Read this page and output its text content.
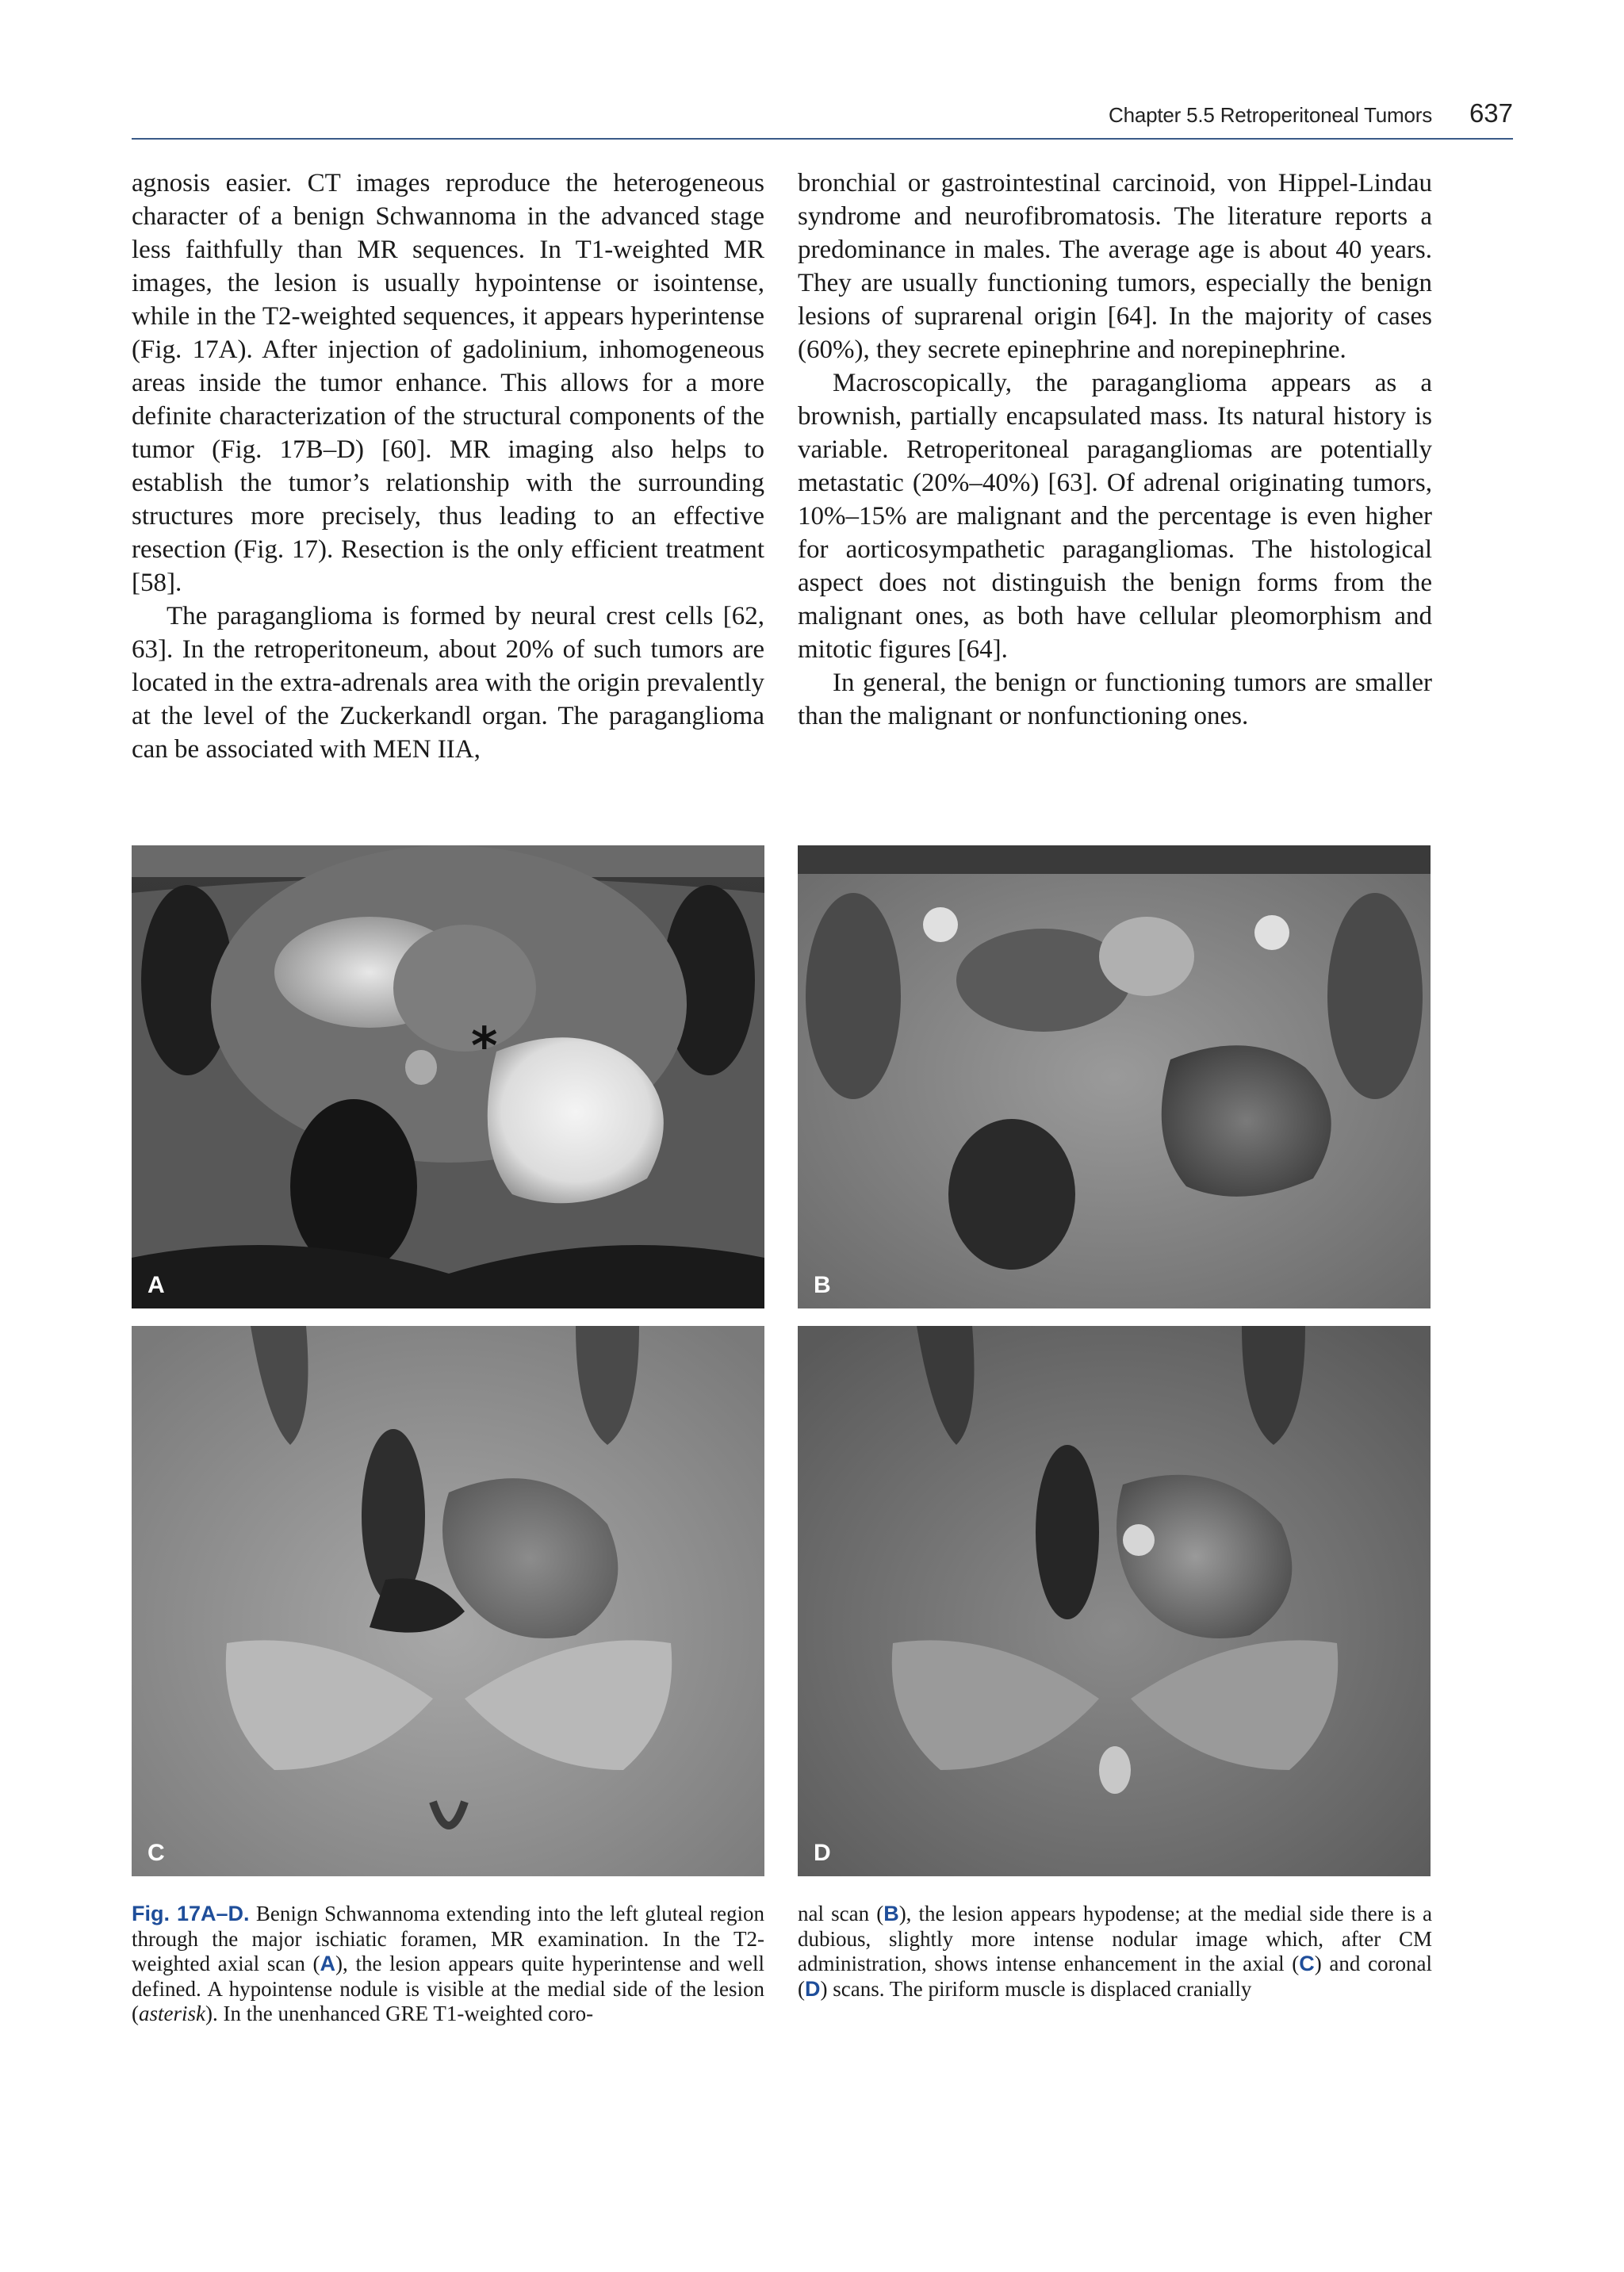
Chapter 5.5 Retroperitoneal Tumors 637

agnosis easier. CT images reproduce the heterogeneous character of a benign Schwannoma in the advanced stage less faithfully than MR sequences. In T1-weighted MR images, the lesion is usually hypointense or isointense, while in the T2-weighted sequences, it appears hyperintense (Fig. 17A). After injection of gadolinium, inhomogeneous areas inside the tumor enhance. This allows for a more definite characterization of the structural components of the tumor (Fig. 17B–D) [60]. MR imaging also helps to establish the tumor’s relationship with the surrounding structures more precisely, thus leading to an effective resection (Fig. 17). Resection is the only efficient treatment [58].

The paraganglioma is formed by neural crest cells [62, 63]. In the retroperitoneum, about 20% of such tumors are located in the extra-adrenals area with the origin prevalently at the level of the Zuckerkandl organ. The paraganglioma can be associated with MEN IIA,

bronchial or gastrointestinal carcinoid, von Hippel-Lindau syndrome and neurofibromatosis. The literature reports a predominance in males. The average age is about 40 years. They are usually functioning tumors, especially the benign lesions of suprarenal origin [64]. In the majority of cases (60%), they secrete epinephrine and norepinephrine.

Macroscopically, the paraganglioma appears as a brownish, partially encapsulated mass. Its natural history is variable. Retroperitoneal paragangliomas are potentially metastatic (20%–40%) [63]. Of adrenal originating tumors, 10%–15% are malignant and the percentage is even higher for aorticosympathetic paragangliomas. The histological aspect does not distinguish the benign forms from the malignant ones, as both have cellular pleomorphism and mitotic figures [64].

In general, the benign or functioning tumors are smaller than the malignant or nonfunctioning ones.

*
A	B
C	D
Fig. 17A–D. Benign Schwannoma extending into the left gluteal region through the major ischiatic foramen, MR examination. In the T2-weighted axial scan (A), the lesion appears quite hyperintense and well defined. A hypointense nodule is visible at the medial side of the lesion (asterisk). In the unenhanced GRE T1-weighted coro-
nal scan (B), the lesion appears hypodense; at the medial side there is a dubious, slightly more intense nodular image which, after CM administration, shows intense enhancement in the axial (C) and coronal (D) scans. The piriform muscle is displaced cranially
